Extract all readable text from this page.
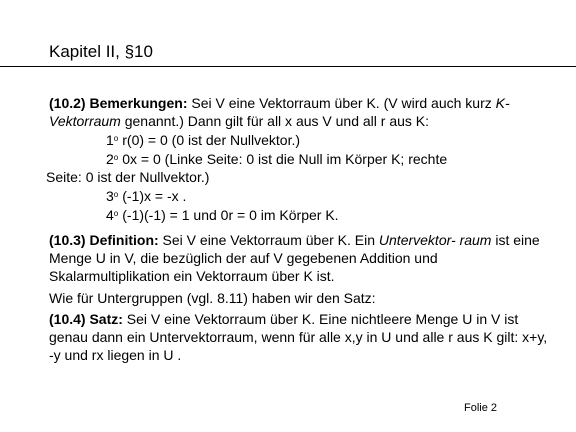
Kapitel II, §10
(10.2) Bemerkungen: Sei V eine Vektorraum über K. (V wird auch kurz K-Vektorraum genannt.) Dann gilt für all x aus V und all r aus K:
1$^o$ r(0) = 0 (0 ist der Nullvektor.)
2$^o$ 0x = 0 (Linke Seite: 0 ist die Null im Körper K; rechte
Seite: 0 ist der Nullvektor.)
3$^o$ (-1)x = -x .
4$^o$ (-1)(-1) = 1 und 0r = 0 im Körper K.
(10.3) Definition: Sei V eine Vektorraum über K. Ein Untervektor- raum ist eine Menge U in V, die bezüglich der auf V gegebenen Addition und Skalarmultiplikation ein Vektorraum über K ist.
Wie für Untergruppen (vgl. 8.11) haben wir den Satz:
(10.4) Satz: Sei V eine Vektorraum über K. Eine nichtleere Menge U in V ist genau dann ein Untervektorraum, wenn für alle x,y in U und alle r aus K gilt: x+y, -y und rx liegen in U .
Folie 2
